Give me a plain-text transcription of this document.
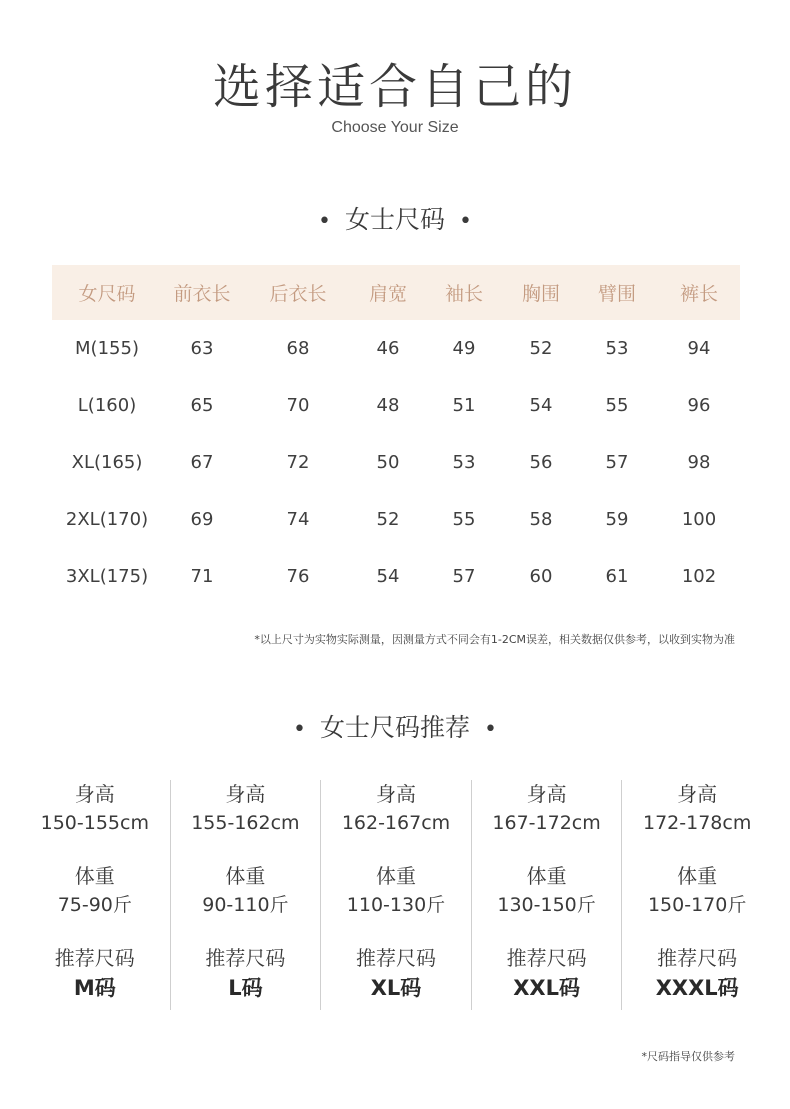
选择适合自己的
Choose Your Size
• 女士尺码 •
女尺码	前衣长	后衣长	肩宽	袖长	胸围	臂围	裤长
M(155)	63	68	46	49	52	53	94
L(160)	65	70	48	51	54	55	96
XL(165)	67	72	50	53	56	57	98
2XL(170)	69	74	52	55	58	59	100
3XL(175)	71	76	54	57	60	61	102
*以上尺寸为实物实际测量，因测量方式不同会有1-2CM误差，相关数据仅供参考，以收到实物为准
• 女士尺码推荐 •
身高
150-155cm
体重
75-90斤
推荐尺码
M码
身高
155-162cm
体重
90-110斤
推荐尺码
L码
身高
162-167cm
体重
110-130斤
推荐尺码
XL码
身高
167-172cm
体重
130-150斤
推荐尺码
XXL码
身高
172-178cm
体重
150-170斤
推荐尺码
XXXL码
*尺码指导仅供参考
